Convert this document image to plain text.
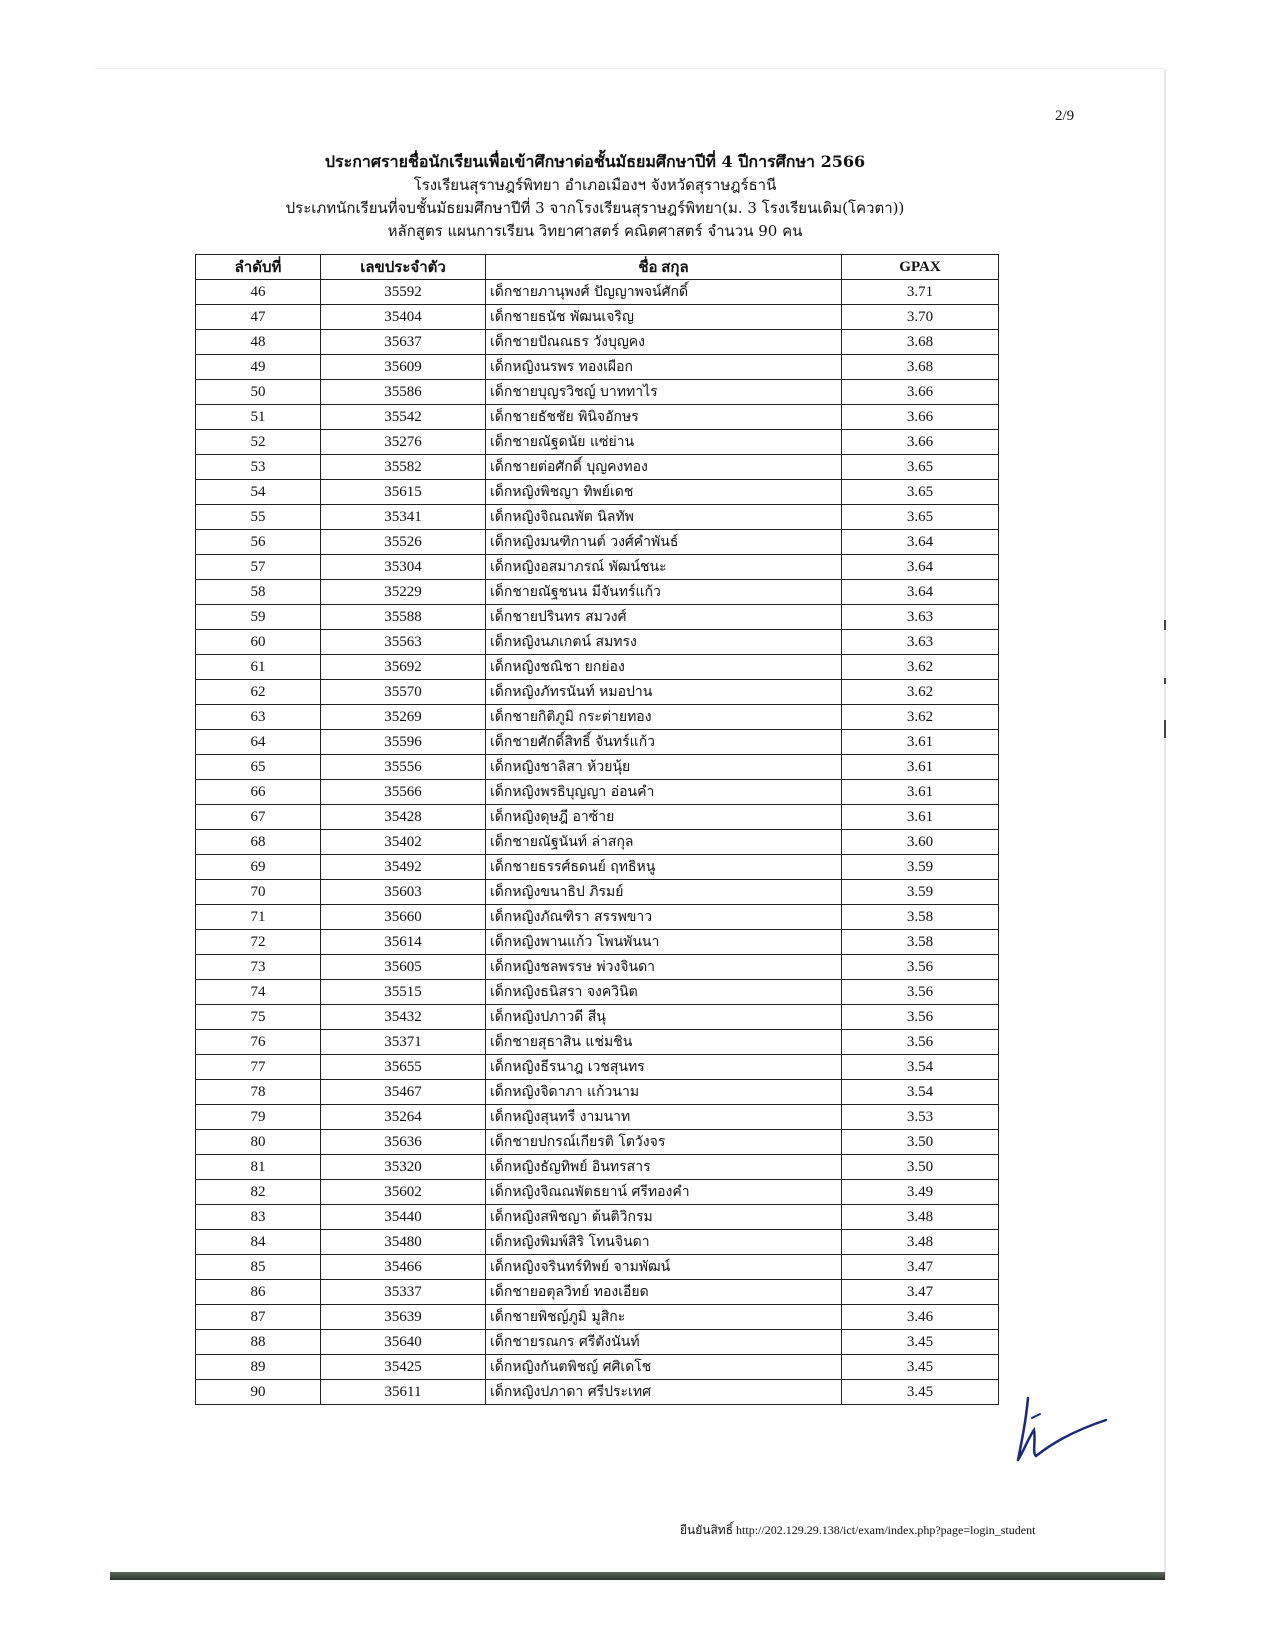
2/9
ประกาศรายชื่อนักเรียนเพื่อเข้าศึกษาต่อชั้นมัธยมศึกษาปีที่ 4 ปีการศึกษา 2566
โรงเรียนสุราษฎร์พิทยา อำเภอเมืองฯ จังหวัดสุราษฎร์ธานี
ประเภทนักเรียนที่จบชั้นมัธยมศึกษาปีที่ 3 จากโรงเรียนสุราษฎร์พิทยา(ม. 3 โรงเรียนเดิม(โควตา))
หลักสูตร แผนการเรียน วิทยาศาสตร์ คณิตศาสตร์ จำนวน 90 คน
ลำดับที่	เลขประจำตัว	ชื่อ สกุล	GPAX
46	35592	เด็กชายภานุพงศ์ ปัญญาพจน์ศักดิ์	3.71
47	35404	เด็กชายธนัช พัฒนเจริญ	3.70
48	35637	เด็กชายปัณณธร วังบุญคง	3.68
49	35609	เด็กหญิงนรพร ทองเผือก	3.68
50	35586	เด็กชายบุญรวิชญ์ บาททาไร	3.66
51	35542	เด็กชายธัชชัย พินิจอักษร	3.66
52	35276	เด็กชายณัฐดนัย แซ่ย่าน	3.66
53	35582	เด็กชายต่อศักดิ์ บุญคงทอง	3.65
54	35615	เด็กหญิงพิชญา ทิพย์เดช	3.65
55	35341	เด็กหญิงจิณณพัต นิลทัพ	3.65
56	35526	เด็กหญิงมนฑิกานต์ วงศ์คำพันธ์	3.64
57	35304	เด็กหญิงอสมาภรณ์ พัฒน์ชนะ	3.64
58	35229	เด็กชายณัฐชนน มีจันทร์แก้ว	3.64
59	35588	เด็กชายปรินทร สมวงศ์	3.63
60	35563	เด็กหญิงนภเกตน์ สมทรง	3.63
61	35692	เด็กหญิงชณิชา ยกย่อง	3.62
62	35570	เด็กหญิงภัทรนันท์ หมอปาน	3.62
63	35269	เด็กชายกิติภูมิ กระต่ายทอง	3.62
64	35596	เด็กชายศักดิ์สิทธิ์ จันทร์แก้ว	3.61
65	35556	เด็กหญิงชาลิสา ห้วยนุ้ย	3.61
66	35566	เด็กหญิงพรธิบุญญา อ่อนคำ	3.61
67	35428	เด็กหญิงดุษฎี อาซ้าย	3.61
68	35402	เด็กชายณัฐนันท์ ล่าสกุล	3.60
69	35492	เด็กชายธรรศ์ธดนย์ ฤทธิหนู	3.59
70	35603	เด็กหญิงขนาธิป ภิรมย์	3.59
71	35660	เด็กหญิงภัณฑิรา สรรพขาว	3.58
72	35614	เด็กหญิงพานแก้ว โพนพันนา	3.58
73	35605	เด็กหญิงชลพรรษ พ่วงจินดา	3.56
74	35515	เด็กหญิงธนิสรา จงควินิต	3.56
75	35432	เด็กหญิงปภาวดี สีนุ	3.56
76	35371	เด็กชายสุธาสิน แช่มชิน	3.56
77	35655	เด็กหญิงธีรนาฎ เวชสุนทร	3.54
78	35467	เด็กหญิงจิดาภา แก้วนาม	3.54
79	35264	เด็กหญิงสุนทรี งามนาท	3.53
80	35636	เด็กชายปกรณ์เกียรติ โตวังจร	3.50
81	35320	เด็กหญิงธัญทิพย์ อินทรสาร	3.50
82	35602	เด็กหญิงจิณณพัตธยาน์ ศรีทองคำ	3.49
83	35440	เด็กหญิงสพิชญา ต้นติวิกรม	3.48
84	35480	เด็กหญิงพิมพ์สิริ โทนจินดา	3.48
85	35466	เด็กหญิงจรินทร์ทิพย์ จามพัฒน์	3.47
86	35337	เด็กชายอตุลวิทย์ ทองเอียด	3.47
87	35639	เด็กชายพิชญ์ภูมิ มูสิกะ	3.46
88	35640	เด็กชายรณกร ศรีตังนันท์	3.45
89	35425	เด็กหญิงกันตพิชญ์ ศศิเดโช	3.45
90	35611	เด็กหญิงปภาดา ศรีประเทศ	3.45
ยืนยันสิทธิ์ http://202.129.29.138/ict/exam/index.php?page=login_student
